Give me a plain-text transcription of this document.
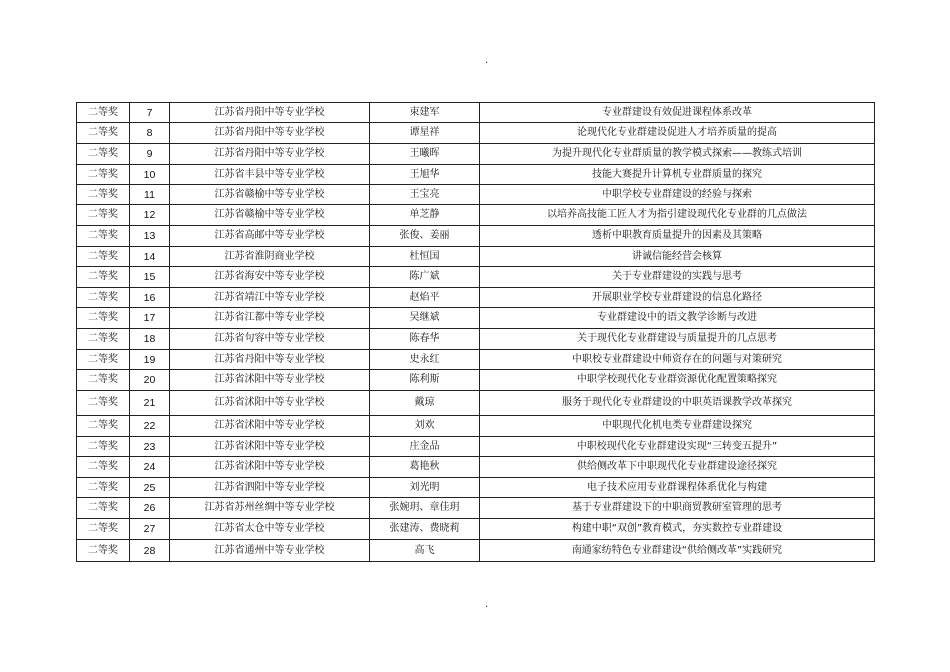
.
二等奖	7	江苏省丹阳中等专业学校	束建军	专业群建设有效促进课程体系改革
二等奖	8	江苏省丹阳中等专业学校	谭星祥	论现代化专业群建设促进人才培养质量的提高
二等奖	9	江苏省丹阳中等专业学校	王曦晖	为提升现代化专业群质量的教学模式探索——教练式培训
二等奖	10	江苏省丰县中等专业学校	王旭华	技能大赛提升计算机专业群质量的探究
二等奖	11	江苏省赣榆中等专业学校	王宝亮	中职学校专业群建设的经验与探索
二等奖	12	江苏省赣榆中等专业学校	单芝静	以培养高技能工匠人才为指引建设现代化专业群的几点做法
二等奖	13	江苏省高邮中等专业学校	张俊、姜丽	透析中职教育质量提升的因素及其策略
二等奖	14	江苏省淮阴商业学校	杜恒国	讲诚信能经营会核算
二等奖	15	江苏省海安中等专业学校	陈广斌	关于专业群建设的实践与思考
二等奖	16	江苏省靖江中等专业学校	赵焰平	开展职业学校专业群建设的信息化路径
二等奖	17	江苏省江都中等专业学校	吴继斌	专业群建设中的语文教学诊断与改进
二等奖	18	江苏省句容中等专业学校	陈春华	关于现代化专业群建设与质量提升的几点思考
二等奖	19	江苏省丹阳中等专业学校	史永红	中职校专业群建设中师资存在的问题与对策研究
二等奖	20	江苏省沭阳中等专业学校	陈利斯	中职学校现代化专业群资源优化配置策略探究
二等奖	21	江苏省沭阳中等专业学校	戴琼	服务于现代化专业群建设的中职英语课教学改革探究
二等奖	22	江苏省沭阳中等专业学校	刘欢	中职现代化机电类专业群建设探究
二等奖	23	江苏省沭阳中等专业学校	庄金品	中职校现代化专业群建设实现“三转变五提升”
二等奖	24	江苏省沭阳中等专业学校	葛艳秋	供给侧改革下中职现代化专业群建设途径探究
二等奖	25	江苏省泗阳中等专业学校	刘光明	电子技术应用专业群课程体系优化与构建
二等奖	26	江苏省苏州丝绸中等专业学校	张婉玥、章佳玥	基于专业群建设下的中职商贸教研室管理的思考
二等奖	27	江苏省太仓中等专业学校	张建涛、费晓莉	构建中职“双创”教育模式，夯实数控专业群建设
二等奖	28	江苏省通州中等专业学校	高飞	南通家纺特色专业群建设“供给侧改革”实践研究
.
